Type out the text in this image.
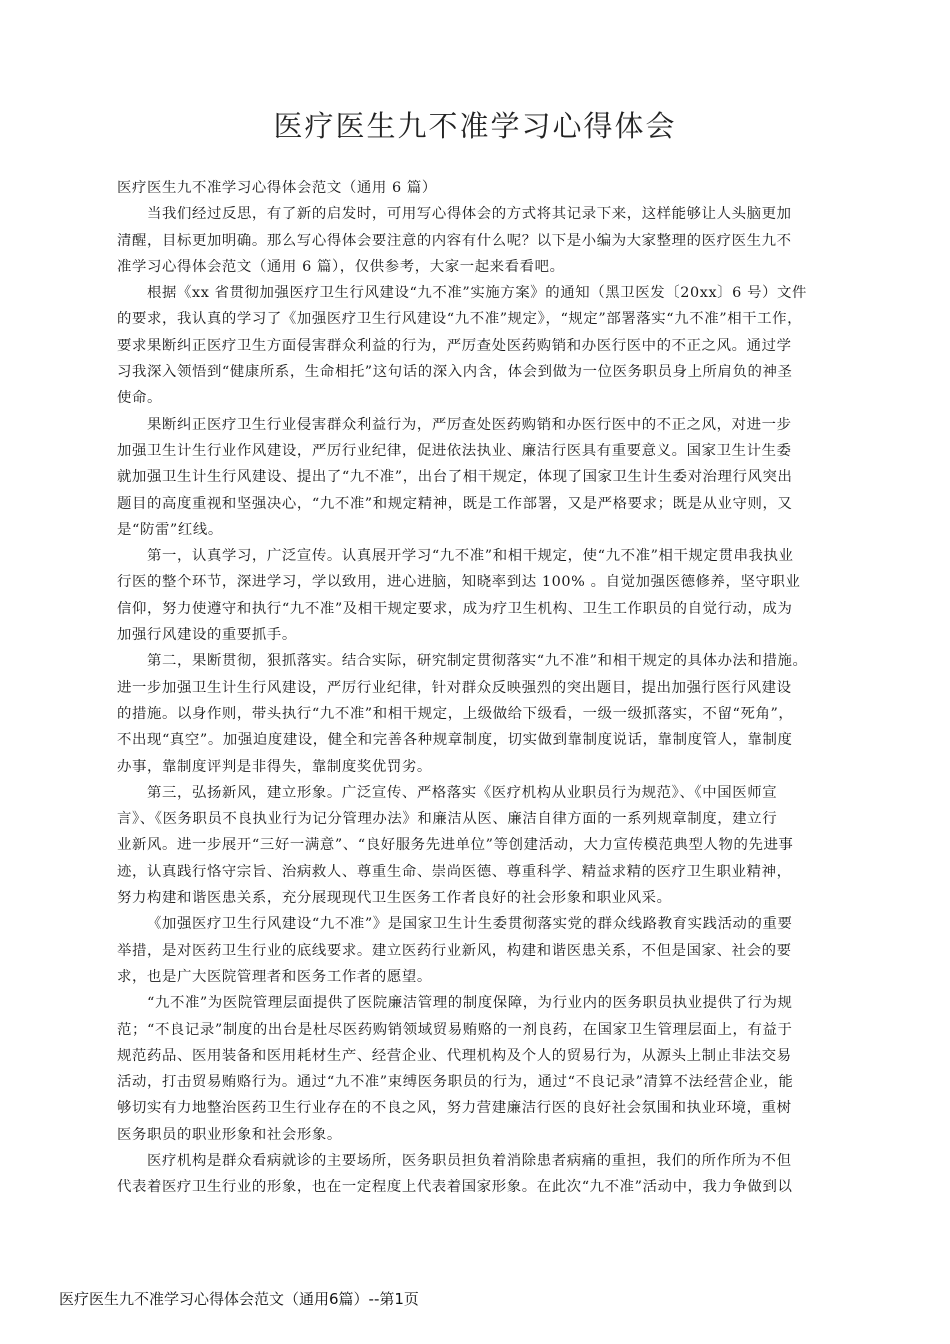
医疗医生九不准学习心得体会
医疗医生九不准学习心得体会范文（通用 6 篇）
当我们经过反思，有了新的启发时，可用写心得体会的方式将其记录下来，这样能够让人头脑更加
清醒，目标更加明确。那么写心得体会要注意的内容有什么呢？以下是小编为大家整理的医疗医生九不
准学习心得体会范文（通用 6 篇），仅供参考，大家一起来看看吧。
根据《xx 省贯彻加强医疗卫生行风建设“九不准”实施方案》的通知（黑卫医发〔20xx〕6 号）文件
的要求，我认真的学习了《加强医疗卫生行风建设“九不准”规定》，“规定”部署落实“九不准”相干工作，
要求果断纠正医疗卫生方面侵害群众利益的行为，严厉查处医药购销和办医行医中的不正之风。通过学
习我深入领悟到“健康所系，生命相托”这句话的深入内含，体会到做为一位医务职员身上所肩负的神圣
使命。
果断纠正医疗卫生行业侵害群众利益行为，严厉查处医药购销和办医行医中的不正之风，对进一步
加强卫生计生行业作风建设，严厉行业纪律，促进依法执业、廉洁行医具有重要意义。国家卫生计生委
就加强卫生计生行风建设、提出了“九不准”，出台了相干规定，体现了国家卫生计生委对治理行风突出
题目的高度重视和坚强决心，“九不准”和规定精神，既是工作部署，又是严格要求；既是从业守则，又
是“防雷”红线。
第一，认真学习，广泛宣传。认真展开学习“九不准”和相干规定，使“九不准”相干规定贯串我执业
行医的整个环节，深进学习，学以致用，进心进脑，知晓率到达 100% 。自觉加强医德修养，坚守职业
信仰，努力使遵守和执行“九不准”及相干规定要求，成为疗卫生机构、卫生工作职员的自觉行动，成为
加强行风建设的重要抓手。
第二，果断贯彻，狠抓落实。结合实际，研究制定贯彻落实“九不准”和相干规定的具体办法和措施。
进一步加强卫生计生行风建设，严厉行业纪律，针对群众反映强烈的突出题目，提出加强行医行风建设
的措施。以身作则，带头执行“九不准”和相干规定，上级做给下级看，一级一级抓落实，不留“死角”，
不出现“真空”。加强迫度建设，健全和完善各种规章制度，切实做到靠制度说话，靠制度管人，靠制度
办事，靠制度评判是非得失，靠制度奖优罚劣。
第三，弘扬新风，建立形象。广泛宣传、严格落实《医疗机构从业职员行为规范》、《中国医师宣
言》、《医务职员不良执业行为记分管理办法》和廉洁从医、廉洁自律方面的一系列规章制度，建立行
业新风。进一步展开“三好一满意”、“良好服务先进单位”等创建活动，大力宣传模范典型人物的先进事
迹，认真践行恪守宗旨、治病救人、尊重生命、崇尚医德、尊重科学、精益求精的医疗卫生职业精神，
努力构建和谐医患关系，充分展现现代卫生医务工作者良好的社会形象和职业风采。
《加强医疗卫生行风建设“九不准”》是国家卫生计生委贯彻落实党的群众线路教育实践活动的重要
举措，是对医药卫生行业的底线要求。建立医药行业新风，构建和谐医患关系，不但是国家、社会的要
求，也是广大医院管理者和医务工作者的愿望。
“九不准”为医院管理层面提供了医院廉洁管理的制度保障，为行业内的医务职员执业提供了行为规
范；“不良记录”制度的出台是杜尽医药购销领域贸易贿赂的一剂良药，在国家卫生管理层面上，有益于
规范药品、医用装备和医用耗材生产、经营企业、代理机构及个人的贸易行为，从源头上制止非法交易
活动，打击贸易贿赂行为。通过“九不准”束缚医务职员的行为，通过“不良记录”清算不法经营企业，能
够切实有力地整治医药卫生行业存在的不良之风，努力营建廉洁行医的良好社会氛围和执业环境，重树
医务职员的职业形象和社会形象。
医疗机构是群众看病就诊的主要场所，医务职员担负着消除患者病痛的重担，我们的所作所为不但
代表着医疗卫生行业的形象，也在一定程度上代表着国家形象。在此次“九不准”活动中，我力争做到以
医疗医生九不准学习心得体会范文（通用6篇）--第1页
